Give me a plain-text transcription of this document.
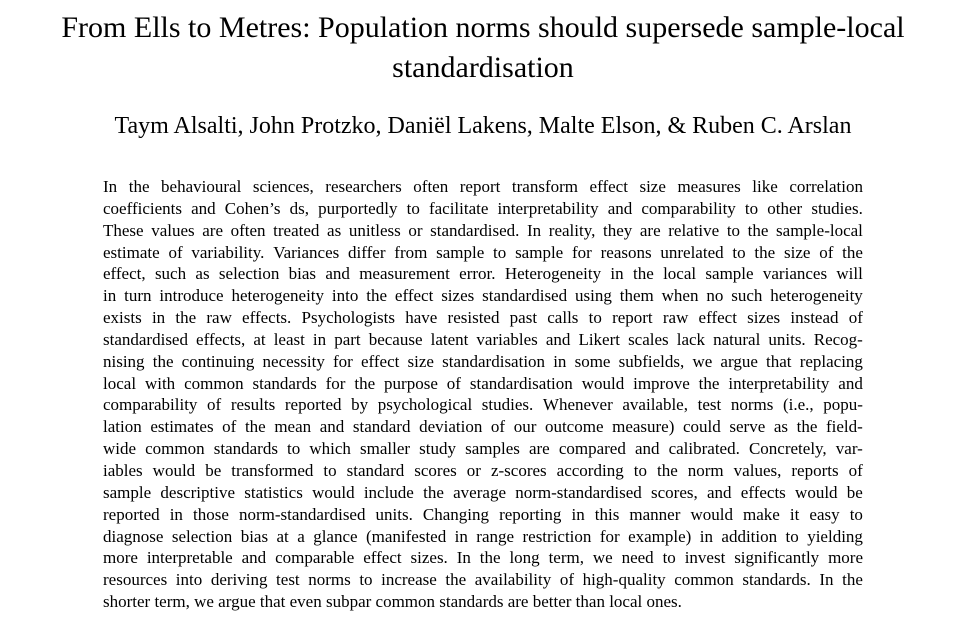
From Ells to Metres: Population norms should supersede sample-local
standardisation

Taym Alsalti, John Protzko, Daniël Lakens, Malte Elson, & Ruben C. Arslan

In the behavioural sciences, researchers often report transform effect size measures like correlation
coefficients and Cohen’s ds, purportedly to facilitate interpretability and comparability to other studies.
These values are often treated as unitless or standardised. In reality, they are relative to the sample-local
estimate of variability. Variances differ from sample to sample for reasons unrelated to the size of the
effect, such as selection bias and measurement error. Heterogeneity in the local sample variances will
in turn introduce heterogeneity into the effect sizes standardised using them when no such heterogeneity
exists in the raw effects. Psychologists have resisted past calls to report raw effect sizes instead of
standardised effects, at least in part because latent variables and Likert scales lack natural units. Recog-
nising the continuing necessity for effect size standardisation in some subfields, we argue that replacing
local with common standards for the purpose of standardisation would improve the interpretability and
comparability of results reported by psychological studies. Whenever available, test norms (i.e., popu-
lation estimates of the mean and standard deviation of our outcome measure) could serve as the field-
wide common standards to which smaller study samples are compared and calibrated. Concretely, var-
iables would be transformed to standard scores or z-scores according to the norm values, reports of
sample descriptive statistics would include the average norm-standardised scores, and effects would be
reported in those norm-standardised units. Changing reporting in this manner would make it easy to
diagnose selection bias at a glance (manifested in range restriction for example) in addition to yielding
more interpretable and comparable effect sizes. In the long term, we need to invest significantly more
resources into deriving test norms to increase the availability of high-quality common standards. In the
shorter term, we argue that even subpar common standards are better than local ones.
